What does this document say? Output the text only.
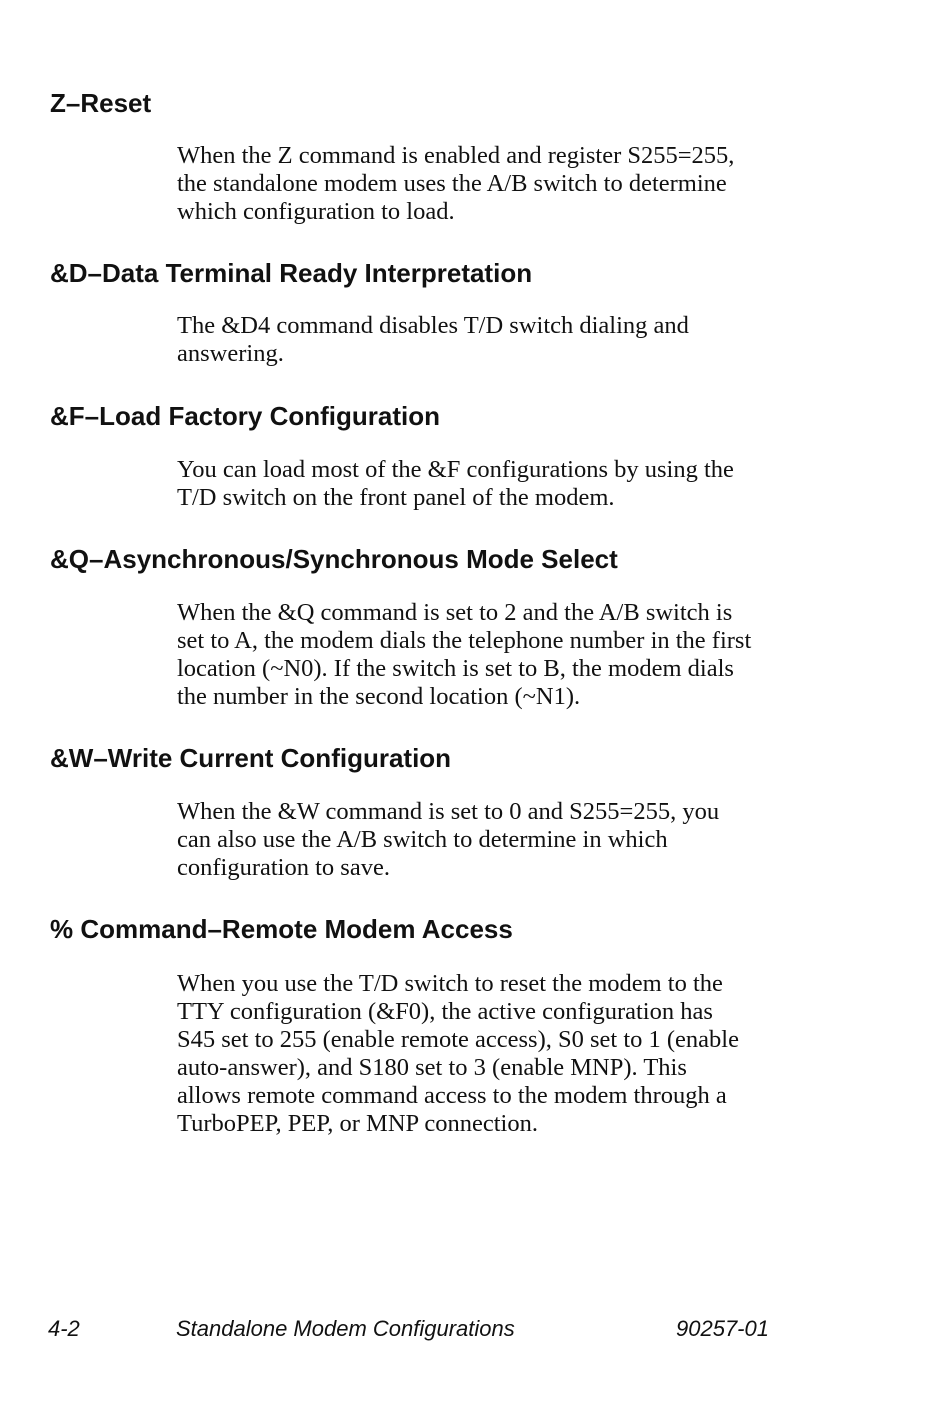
Z–Reset

When the Z command is enabled and register S255=255,
the standalone modem uses the A/B switch to determine
which configuration to load.

&D–Data Terminal Ready Interpretation

The &D4 command disables T/D switch dialing and
answering.

&F–Load Factory Configuration

You can load most of the &F configurations by using the
T/D switch on the front panel of the modem.

&Q–Asynchronous/Synchronous Mode Select

When the &Q command is set to 2 and the A/B switch is
set to A, the modem dials the telephone number in the first
location (~N0). If the switch is set to B, the modem dials
the number in the second location (~N1).

&W–Write Current Configuration

When the &W command is set to 0 and S255=255, you
can also use the A/B switch to determine in which
configuration to save.

% Command–Remote Modem Access

When you use the T/D switch to reset the modem to the
TTY configuration (&F0), the active configuration has
S45 set to 255 (enable remote access), S0 set to 1 (enable
auto-answer), and S180 set to 3 (enable MNP). This
allows remote command access to the modem through a
TurboPEP, PEP, or MNP connection.

4-2	Standalone Modem Configurations	90257-01
